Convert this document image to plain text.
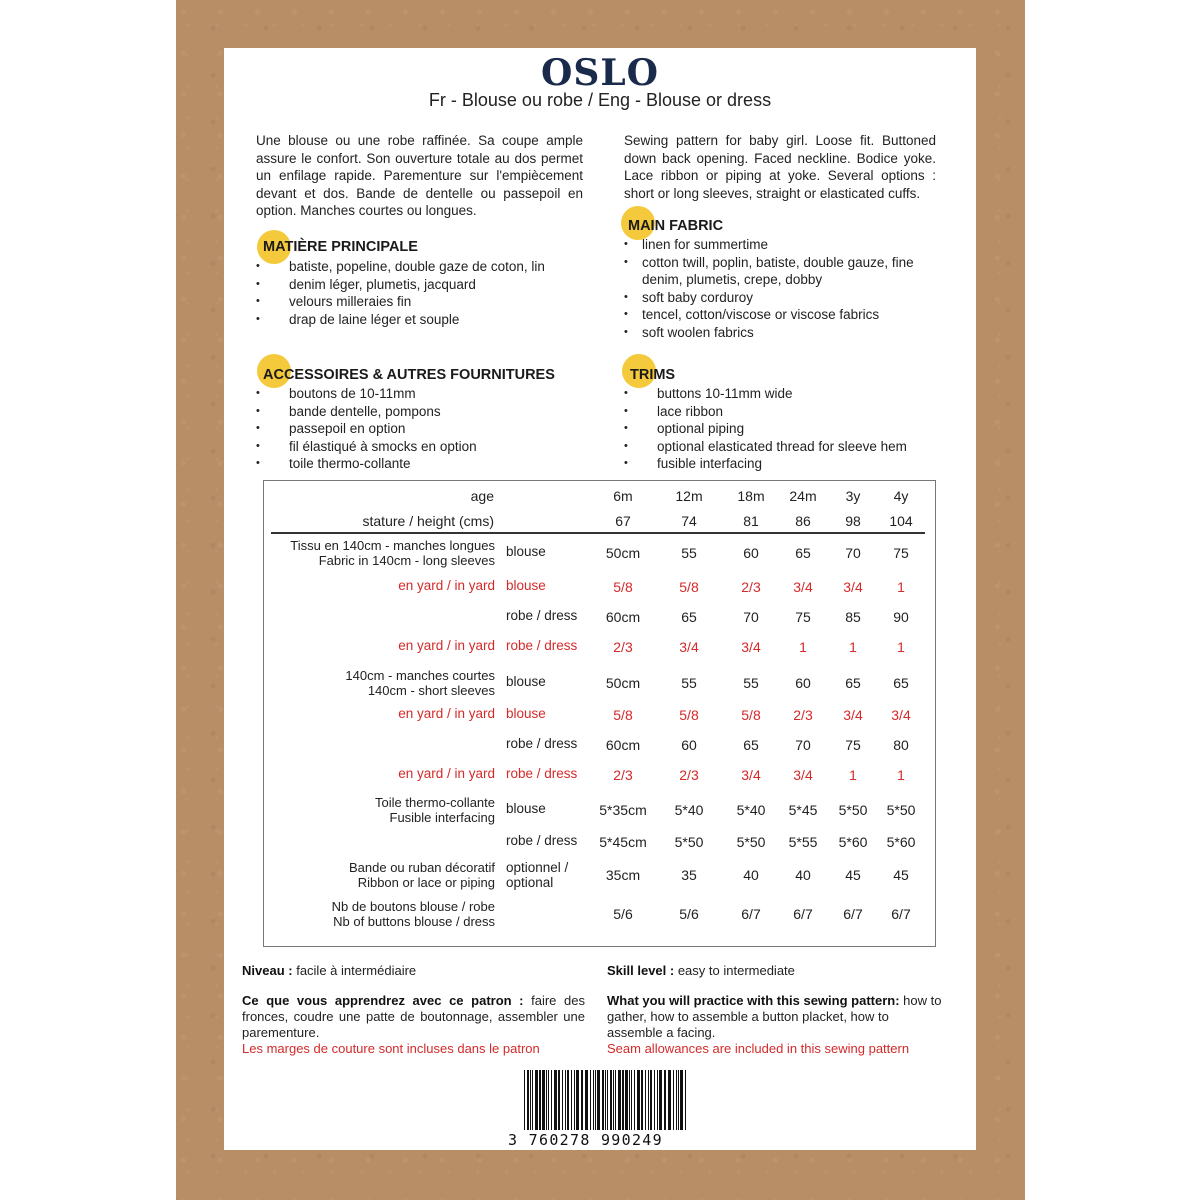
OSLO
Fr - Blouse ou robe / Eng - Blouse or dress
Une blouse ou une robe raffinée. Sa coupe ample assure le confort. Son ouverture totale au dos permet un enfilage rapide. Parementure sur l'empiècement devant et dos. Bande de dentelle ou passepoil en option. Manches courtes ou longues.
Sewing pattern for baby girl. Loose fit. Buttoned down back opening. Faced neckline. Bodice yoke. Lace ribbon or piping at yoke. Several options : short or long sleeves, straight or elasticated cuffs.
MATIÈRE PRINCIPALE
• batiste, popeline, double gaze de coton, lin
• denim léger, plumetis, jacquard
• velours milleraies fin
• drap de laine léger et souple
MAIN FABRIC
• linen for summertime
• cotton twill, poplin, batiste, double gauze, fine denim, plumetis, crepe, dobby
• soft baby corduroy
• tencel, cotton/viscose or viscose fabrics
• soft woolen fabrics
ACCESSOIRES & AUTRES FOURNITURES
• boutons de 10-11mm
• bande dentelle, pompons
• passepoil en option
• fil élastiqué à smocks en option
• toile thermo-collante
TRIMS
• buttons 10-11mm wide
• lace ribbon
• optional piping
• optional elasticated thread for sleeve hem
• fusible interfacing
age	6m	12m	18m	24m	3y	4y
stature / height (cms)	67	74	81	86	98	104
Tissu en 140cm - manches longues
Fabric in 140cm - long sleeves
blouse	50cm	55	60	65	70	75
en yard / in yard blouse	5/8	5/8	2/3	3/4	3/4	1
robe / dress	60cm	65	70	75	85	90
en yard / in yard robe / dress	2/3	3/4	3/4	1	1	1
140cm - manches courtes
140cm - short sleeves
blouse	50cm	55	55	60	65	65
en yard / in yard blouse	5/8	5/8	5/8	2/3	3/4	3/4
robe / dress	60cm	60	65	70	75	80
en yard / in yard robe / dress	2/3	2/3	3/4	3/4	1	1
Toile thermo-collante
Fusible interfacing
blouse	5*35cm	5*40	5*40	5*45	5*50	5*50
robe / dress	5*45cm	5*50	5*50	5*55	5*60	5*60
Bande ou ruban décoratif
Ribbon or lace or piping
optionnel /
optional	35cm	35	40	40	45	45
Nb de boutons blouse / robe
Nb of buttons blouse / dress	5/6	5/6	6/7	6/7	6/7	6/7
Niveau : facile à intermédiaire	Skill level : easy to intermediate
Ce que vous apprendrez avec ce patron : faire des fronces, coudre une patte de boutonnage, assembler une parementure.
Les marges de couture sont incluses dans le patron
What you will practice with this sewing pattern: how to gather, how to assemble a button placket, how to assemble a facing.
Seam allowances are included in this sewing pattern
3 760278 990249
